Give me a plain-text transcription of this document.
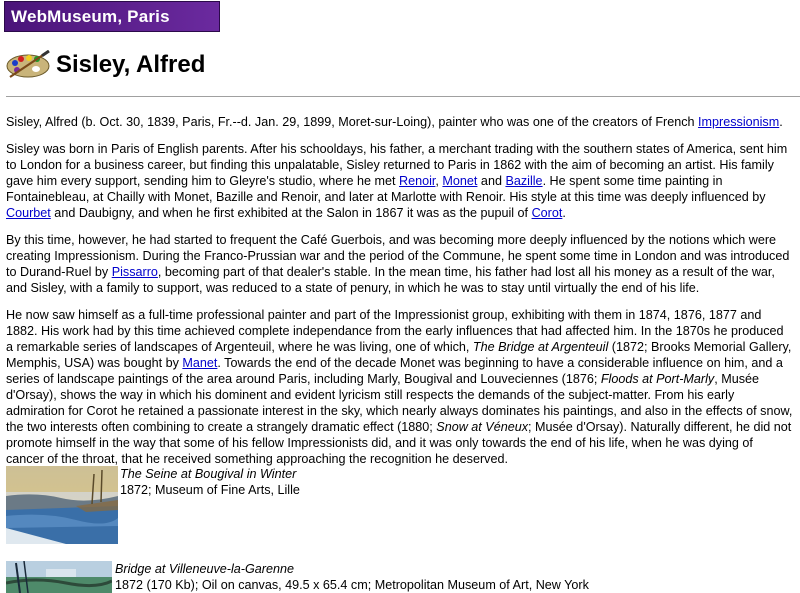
WebMuseum, Paris
Sisley, Alfred

Sisley, Alfred (b. Oct. 30, 1839, Paris, Fr.--d. Jan. 29, 1899, Moret-sur-Loing), painter who was one of the creators of French Impressionism.

Sisley was born in Paris of English parents. After his schooldays, his father, a merchant trading with the southern states of America, sent him to London for a business career, but finding this unpalatable, Sisley returned to Paris in 1862 with the aim of becoming an artist. His family gave him every support, sending him to Gleyre's studio, where he met Renoir, Monet and Bazille. He spent some time painting in Fontainebleau, at Chailly with Monet, Bazille and Renoir, and later at Marlotte with Renoir. His style at this time was deeply influenced by Courbet and Daubigny, and when he first exhibited at the Salon in 1867 it was as the pupuil of Corot.

By this time, however, he had started to frequent the Café Guerbois, and was becoming more deeply influenced by the notions which were creating Impressionism. During the Franco-Prussian war and the period of the Commune, he spent some time in London and was introduced to Durand-Ruel by Pissarro, becoming part of that dealer's stable. In the mean time, his father had lost all his money as a result of the war, and Sisley, with a family to support, was reduced to a state of penury, in which he was to stay until virtually the end of his life.

He now saw himself as a full-time professional painter and part of the Impressionist group, exhibiting with them in 1874, 1876, 1877 and 1882. His work had by this time achieved complete independance from the early influences that had affected him. In the 1870s he produced a remarkable series of landscapes of Argenteuil, where he was living, one of which, The Bridge at Argenteuil (1872; Brooks Memorial Gallery, Memphis, USA) was bought by Manet. Towards the end of the decade Monet was beginning to have a considerable influence on him, and a series of landscape paintings of the area around Paris, including Marly, Bougival and Louveciennes (1876; Floods at Port-Marly, Musée d'Orsay), shows the way in which his dominent and evident lyricism still respects the demands of the subject-matter. From his early admiration for Corot he retained a passionate interest in the sky, which nearly always dominates his paintings, and also in the effects of snow, the two interests often combining to create a strangely dramatic effect (1880; Snow at Véneux; Musée d'Orsay). Naturally different, he did not promote himself in the way that some of his fellow Impressionists did, and it was only towards the end of his life, when he was dying of cancer of the throat, that he received something approaching the recognition he deserved.

The Seine at Bougival in Winter
1872; Museum of Fine Arts, Lille
Bridge at Villeneuve-la-Garenne
1872 (170 Kb); Oil on canvas, 49.5 x 65.4 cm; Metropolitan Museum of Art, New York
